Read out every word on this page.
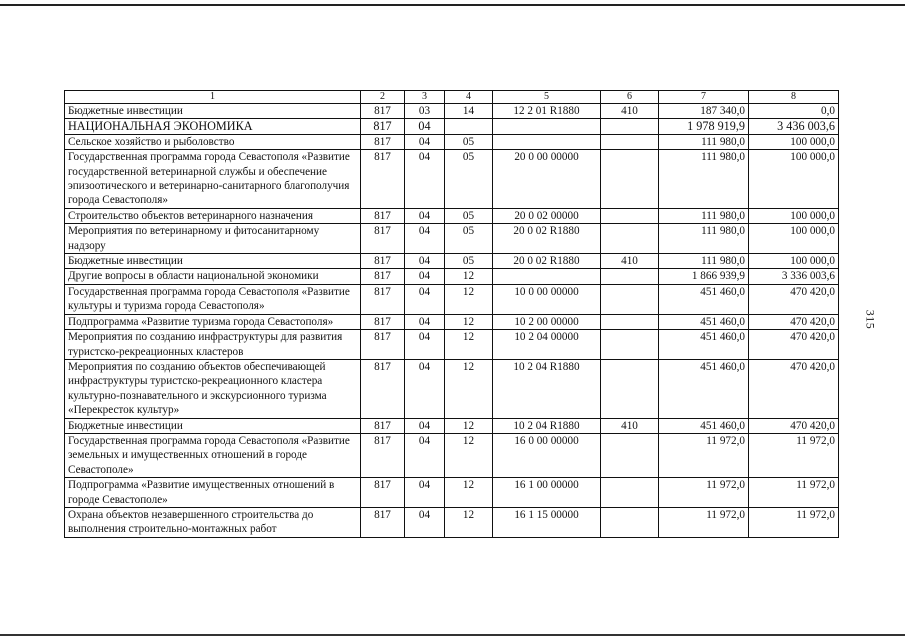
315
1	2	3	4	5	6	7	8
Бюджетные инвестиции	817	03	14	12 2 01 R1880	410	187 340,0	0,0
НАЦИОНАЛЬНАЯ ЭКОНОМИКА	817	04				1 978 919,9	3 436 003,6
Сельское хозяйство и рыболовство	817	04	05			111 980,0	100 000,0
Государственная программа города Севастополя «Развитие государственной ветеринарной службы и обеспечение эпизоотического и ветеринарно-санитарного благополучия города Севастополя»	817	04	05	20 0 00 00000		111 980,0	100 000,0
Строительство объектов ветеринарного назначения	817	04	05	20 0 02 00000		111 980,0	100 000,0
Мероприятия по ветеринарному и фитосанитарному надзору	817	04	05	20 0 02 R1880		111 980,0	100 000,0
Бюджетные инвестиции	817	04	05	20 0 02 R1880	410	111 980,0	100 000,0
Другие вопросы в области национальной экономики	817	04	12			1 866 939,9	3 336 003,6
Государственная программа города Севастополя «Развитие культуры и туризма города Севастополя»	817	04	12	10 0 00 00000		451 460,0	470 420,0
Подпрограмма «Развитие туризма города Севастополя»	817	04	12	10 2 00 00000		451 460,0	470 420,0
Мероприятия по созданию инфраструктуры для развития туристско-рекреационных кластеров	817	04	12	10 2 04 00000		451 460,0	470 420,0
Мероприятия по созданию объектов обеспечивающей инфраструктуры туристско-рекреационного кластера культурно-познавательного и экскурсионного туризма «Перекресток культур»	817	04	12	10 2 04 R1880		451 460,0	470 420,0
Бюджетные инвестиции	817	04	12	10 2 04 R1880	410	451 460,0	470 420,0
Государственная программа города Севастополя «Развитие земельных и имущественных отношений в городе Севастополе»	817	04	12	16 0 00 00000		11 972,0	11 972,0
Подпрограмма «Развитие имущественных отношений в городе Севастополе»	817	04	12	16 1 00 00000		11 972,0	11 972,0
Охрана объектов незавершенного строительства до выполнения строительно-монтажных работ	817	04	12	16 1 15 00000		11 972,0	11 972,0
